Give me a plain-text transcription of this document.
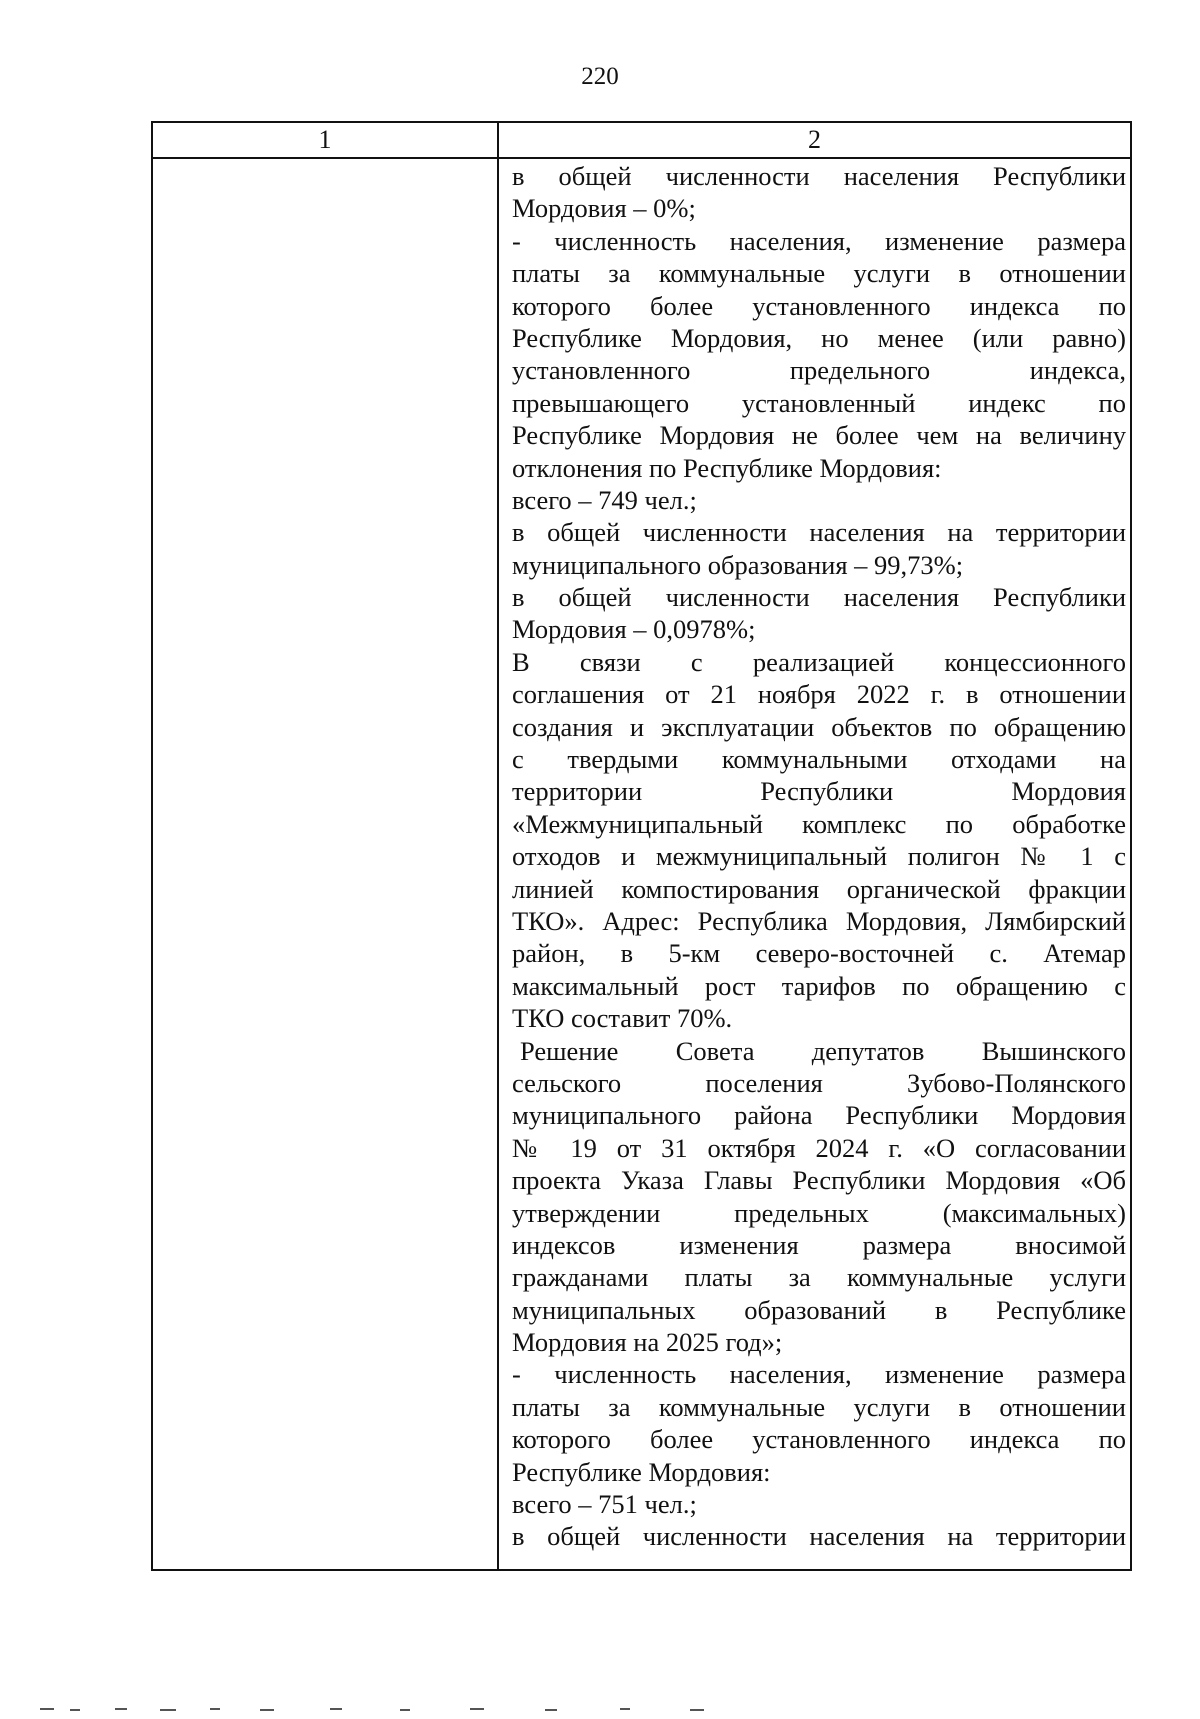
220
1	2
в общей численности населения Республики
Мордовия – 0%;
- численность населения, изменение размера
платы за коммунальные услуги в отношении
которого более установленного индекса по
Республике Мордовия, но менее (или равно)
установленного предельного индекса,
превышающего установленный индекс по
Республике Мордовия не более чем на величину
отклонения по Республике Мордовия:
всего – 749 чел.;
в общей численности населения на территории
муниципального образования – 99,73%;
в общей численности населения Республики
Мордовия – 0,0978%;
В связи с реализацией концессионного
соглашения от 21 ноября 2022 г. в отношении
создания и эксплуатации объектов по обращению
с твердыми коммунальными отходами на
территории Республики Мордовия
«Межмуниципальный комплекс по обработке
отходов и межмуниципальный полигон № 1 с
линией компостирования органической фракции
ТКО». Адрес: Республика Мордовия, Лямбирский
район, в 5-км северо-восточней с. Атемар
максимальный рост тарифов по обращению с
ТКО составит 70%.
Решение Совета депутатов Вышинского
сельского поселения Зубово-Полянского
муниципального района Республики Мордовия
№ 19 от 31 октября 2024 г. «О согласовании
проекта Указа Главы Республики Мордовия «Об
утверждении предельных (максимальных)
индексов изменения размера вносимой
гражданами платы за коммунальные услуги
муниципальных образований в Республике
Мордовия на 2025 год»;
- численность населения, изменение размера
платы за коммунальные услуги в отношении
которого более установленного индекса по
Республике Мордовия:
всего – 751 чел.;
в общей численности населения на территории
